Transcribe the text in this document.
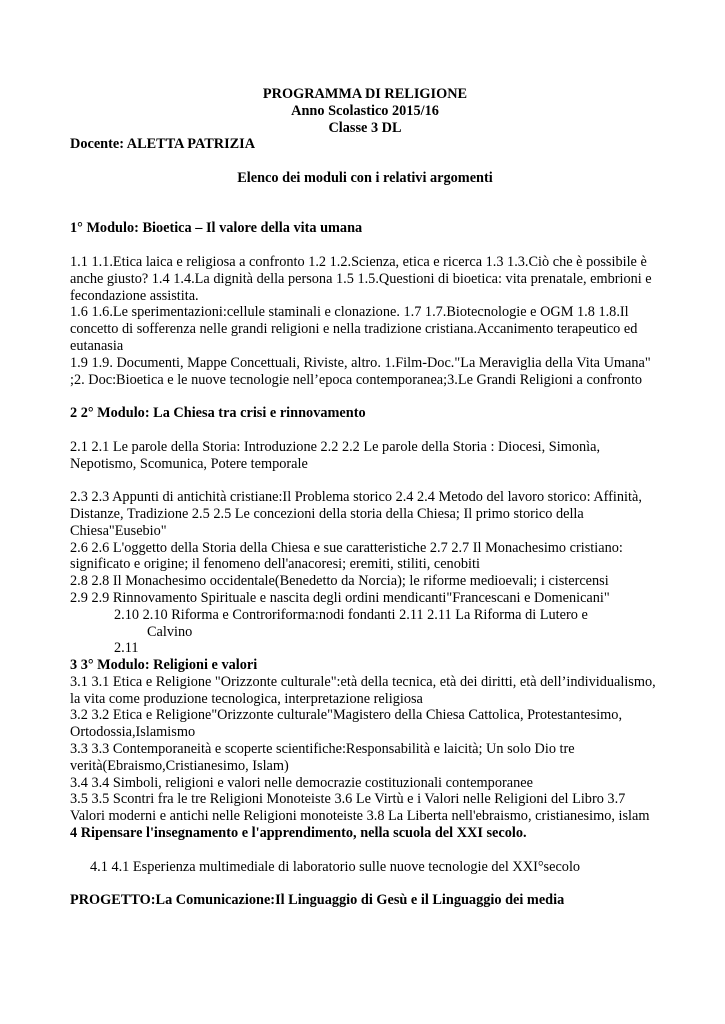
PROGRAMMA DI RELIGIONE

Anno Scolastico 2015/16

Classe 3 DL

Docente: ALETTA PATRIZIA

Elenco dei moduli con i relativi argomenti

1° Modulo: Bioetica – Il valore della vita umana

1.1 1.1.Etica laica e religiosa a confronto 1.2 1.2.Scienza, etica e ricerca 1.3 1.3.Ciò che è possibile è anche giusto? 1.4 1.4.La dignità della persona 1.5 1.5.Questioni di bioetica: vita prenatale, embrioni e fecondazione assistita.

1.6 1.6.Le sperimentazioni:cellule staminali e clonazione. 1.7 1.7.Biotecnologie e OGM 1.8 1.8.Il concetto di sofferenza nelle grandi religioni e nella tradizione cristiana.Accanimento terapeutico ed eutanasia

1.9 1.9. Documenti, Mappe Concettuali, Riviste, altro. 1.Film-Doc."La Meraviglia della Vita Umana" ;2. Doc:Bioetica e le nuove tecnologie nell’epoca contemporanea;3.Le Grandi Religioni a confronto

2 2° Modulo: La Chiesa tra crisi e rinnovamento

2.1 2.1 Le parole della Storia: Introduzione 2.2 2.2 Le parole della Storia : Diocesi, Simonìa, Nepotismo, Scomunica, Potere temporale

2.3 2.3 Appunti di antichità cristiane:Il Problema storico 2.4 2.4 Metodo del lavoro storico: Affinità, Distanze, Tradizione 2.5 2.5 Le concezioni della storia della Chiesa; Il primo storico della Chiesa"Eusebio"

2.6 2.6 L'oggetto della Storia della Chiesa e sue caratteristiche 2.7 2.7 Il Monachesimo cristiano: significato e origine; il fenomeno dell'anacoresi; eremiti, stiliti, cenobiti

2.8 2.8 Il Monachesimo occidentale(Benedetto da Norcia); le riforme medioevali; i cistercensi

2.9 2.9 Rinnovamento Spirituale e nascita degli ordini mendicanti"Francescani e Domenicani"

2.10 2.10 Riforma e Controriforma:nodi fondanti 2.11 2.11 La Riforma di Lutero e

Calvino

2.11

3 3° Modulo: Religioni e valori

3.1 3.1 Etica e Religione "Orizzonte culturale":età della tecnica, età dei diritti, età dell’individualismo, la vita come produzione tecnologica, interpretazione religiosa

3.2 3.2 Etica e Religione"Orizzonte culturale"Magistero della Chiesa Cattolica, Protestantesimo, Ortodossia,Islamismo

3.3 3.3 Contemporaneità e scoperte scientifiche:Responsabilità e laicità; Un solo Dio tre verità(Ebraismo,Cristianesimo, Islam)

3.4 3.4 Simboli, religioni e valori nelle democrazie costituzionali contemporanee

3.5 3.5 Scontri fra le tre Religioni Monoteiste 3.6 Le Virtù e i Valori nelle Religioni del Libro 3.7 Valori moderni e antichi nelle Religioni monoteiste 3.8 La Liberta nell'ebraismo, cristianesimo, islam

4 Ripensare l'insegnamento e l'apprendimento, nella scuola del XXI secolo.

4.1 4.1 Esperienza multimediale di laboratorio sulle nuove tecnologie del XXI°secolo

PROGETTO:La Comunicazione:Il Linguaggio di Gesù e il Linguaggio dei media
